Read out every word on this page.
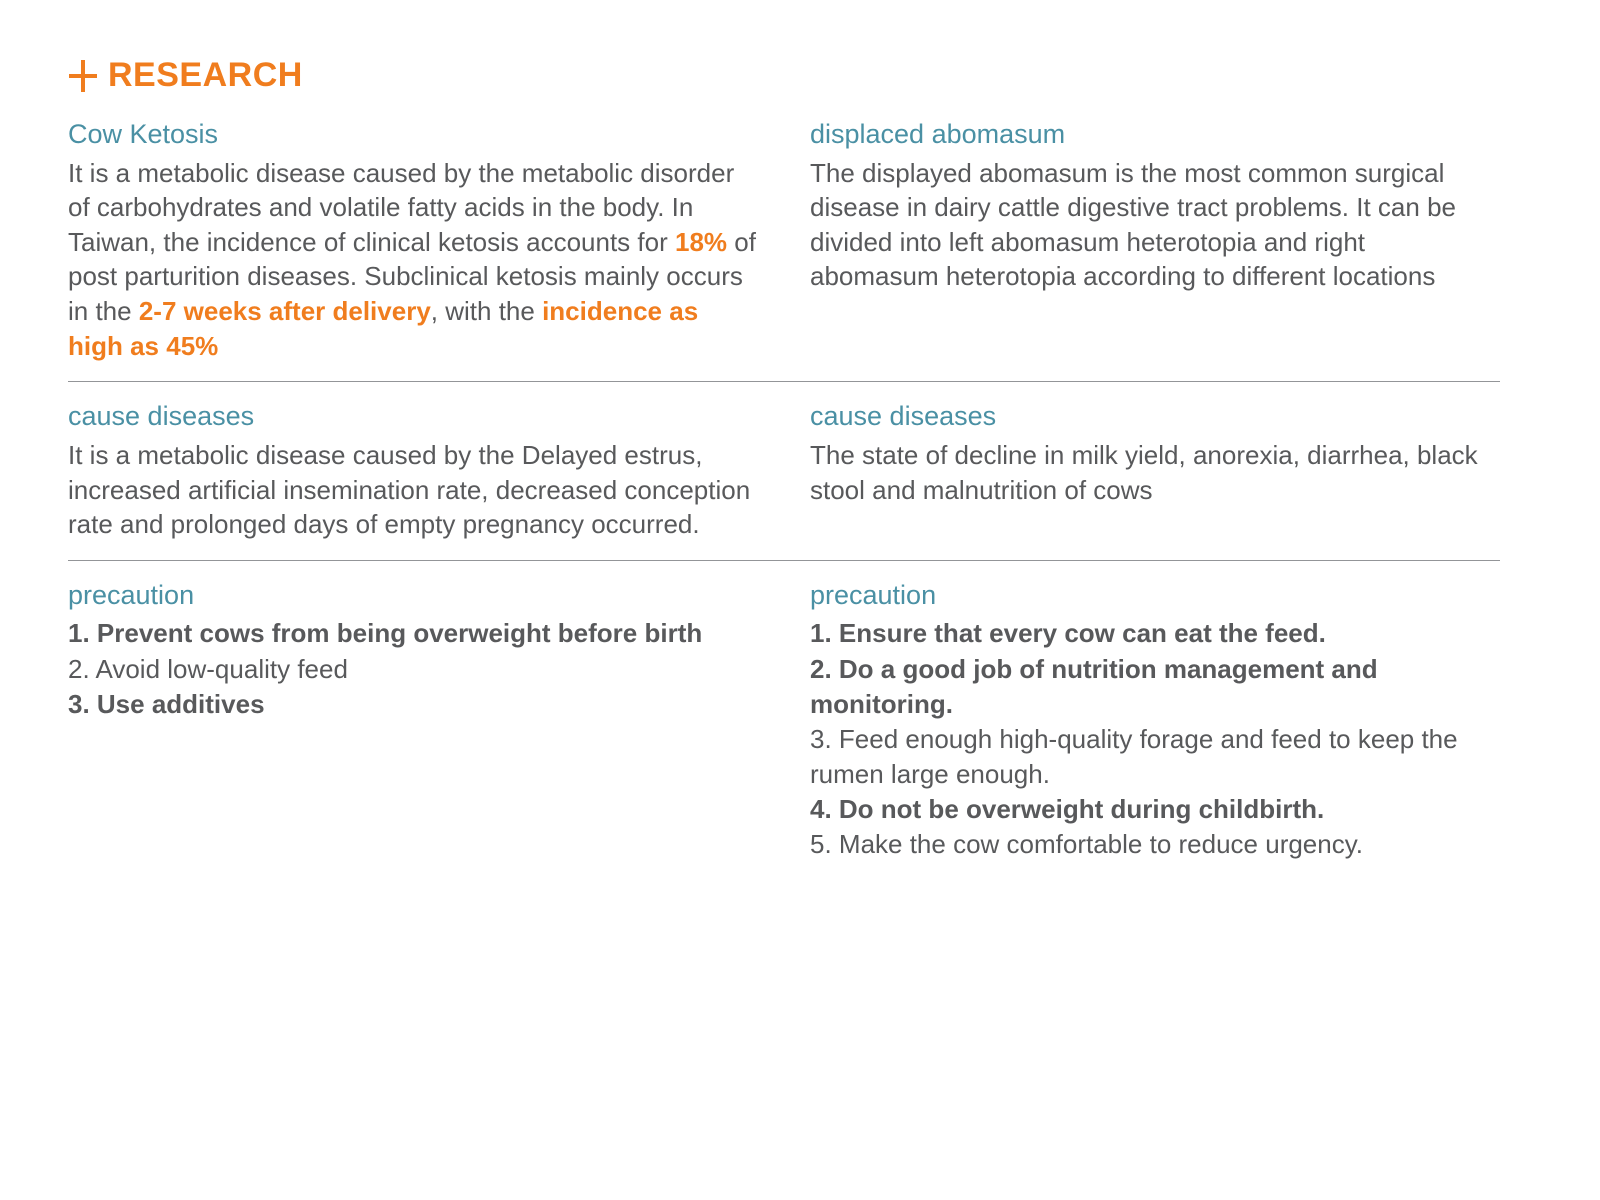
RESEARCH
Cow Ketosis
It is a metabolic disease caused by the metabolic disorder of carbohydrates and volatile fatty acids in the body. In Taiwan, the incidence of clinical ketosis accounts for 18% of post parturition diseases. Subclinical ketosis mainly occurs in the 2-7 weeks after delivery, with the incidence as high as 45%
displaced abomasum
The displayed abomasum is the most common surgical disease in dairy cattle digestive tract problems. It can be divided into left abomasum heterotopia and right abomasum heterotopia according to different locations
cause diseases
It is a metabolic disease caused by the Delayed estrus, increased artificial insemination rate, decreased conception rate and prolonged days of empty pregnancy occurred.
cause diseases
The state of decline in milk yield, anorexia, diarrhea, black stool and malnutrition of cows
precaution
1. Prevent cows from being overweight before birth
2. Avoid low-quality feed
3. Use additives
precaution
1. Ensure that every cow can eat the feed.
2. Do a good job of nutrition management and monitoring.
3. Feed enough high-quality forage and feed to keep the rumen large enough.
4. Do not be overweight during childbirth.
5. Make the cow comfortable to reduce urgency.
